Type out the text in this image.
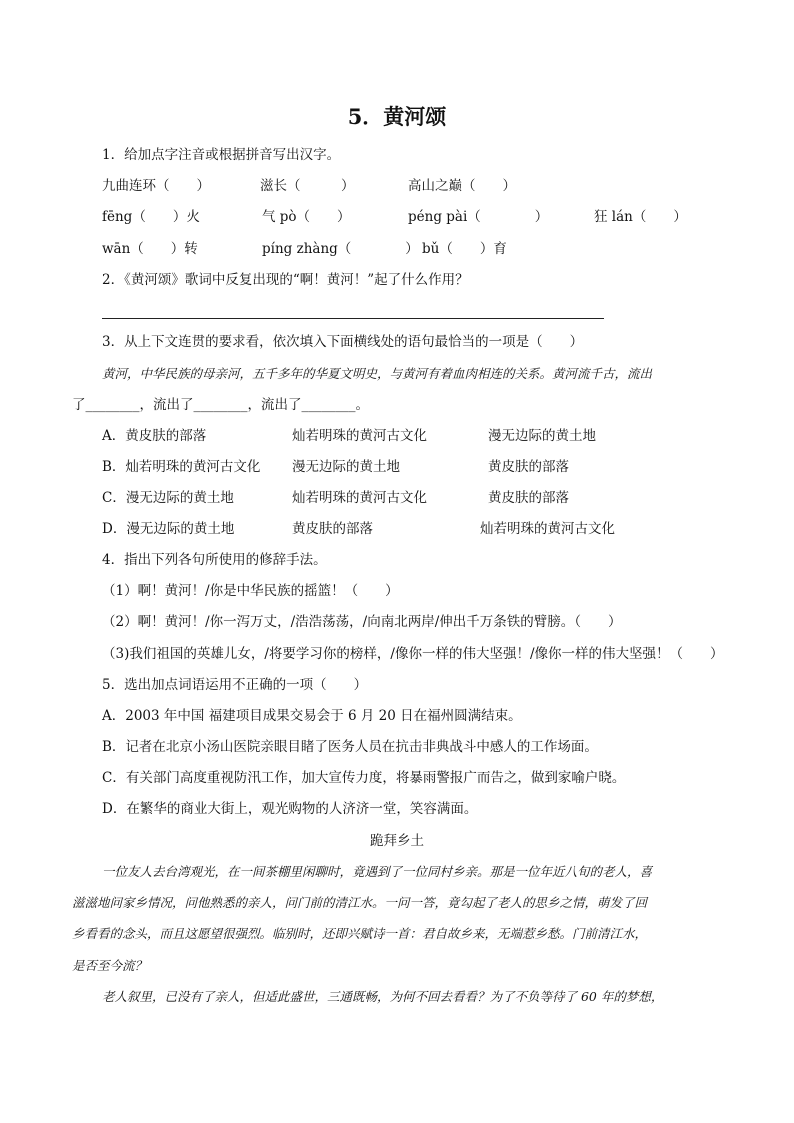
5．黄河颂
1．给加点字注音或根据拼音写出汉字。
九曲连环（　　）	滋长（　　　）	高山之巅（　　）
fēng（　　）火	气 pò（　　）	péng pài（　　　　）	狂 lán（　　）
wān（　　）转	píng zhàng（　　　　） bǔ（　　）育
2．《黄河颂》歌词中反复出现的“啊！黄河！”起了什么作用？
3．从上下文连贯的要求看，依次填入下面横线处的语句最恰当的一项是（　　）
黄河，中华民族的母亲河，五千多年的华夏文明史，与黄河有着血肉相连的关系。黄河流千古，流出
了________，流出了________，流出了________。
A．黄皮肤的部落	灿若明珠的黄河古文化	漫无边际的黄土地
B．灿若明珠的黄河古文化 漫无边际的黄土地	黄皮肤的部落
C．漫无边际的黄土地	灿若明珠的黄河古文化	黄皮肤的部落
D．漫无边际的黄土地	黄皮肤的部落	灿若明珠的黄河古文化
4．指出下列各句所使用的修辞手法。
（1）啊！黄河！/你是中华民族的摇篮！（　　）
（2）啊！黄河！/你一泻万丈，/浩浩荡荡，/向南北两岸/伸出千万条铁的臂膀。（　　）
（3)我们祖国的英雄儿女，/将要学习你的榜样，/像你一样的伟大坚强！/像你一样的伟大坚强！（　　）
5．选出加点词语运用不正确的一项（　　）
A．2003 年中国 福建项目成果交易会于 6 月 20 日在福州圆满结束。
B．记者在北京小汤山医院亲眼目睹了医务人员在抗击非典战斗中感人的工作场面。
C．有关部门高度重视防汛工作，加大宣传力度，将暴雨警报广而告之，做到家喻户晓。
D．在繁华的商业大街上，观光购物的人济济一堂，笑容满面。
跪拜乡土
一位友人去台湾观光，在一间茶棚里闲聊时，竟遇到了一位同村乡亲。那是一位年近八旬的老人，喜
滋滋地问家乡情况，问他熟悉的亲人，问门前的清江水。一问一答，竟勾起了老人的思乡之情，萌发了回
乡看看的念头，而且这愿望很强烈。临别时，还即兴赋诗一首：君自故乡来，无端惹乡愁。门前清江水，
是否至今流？
老人叙里，已没有了亲人，但适此盛世，三通既畅，为何不回去看看？为了不负等待了 60 年的梦想，
